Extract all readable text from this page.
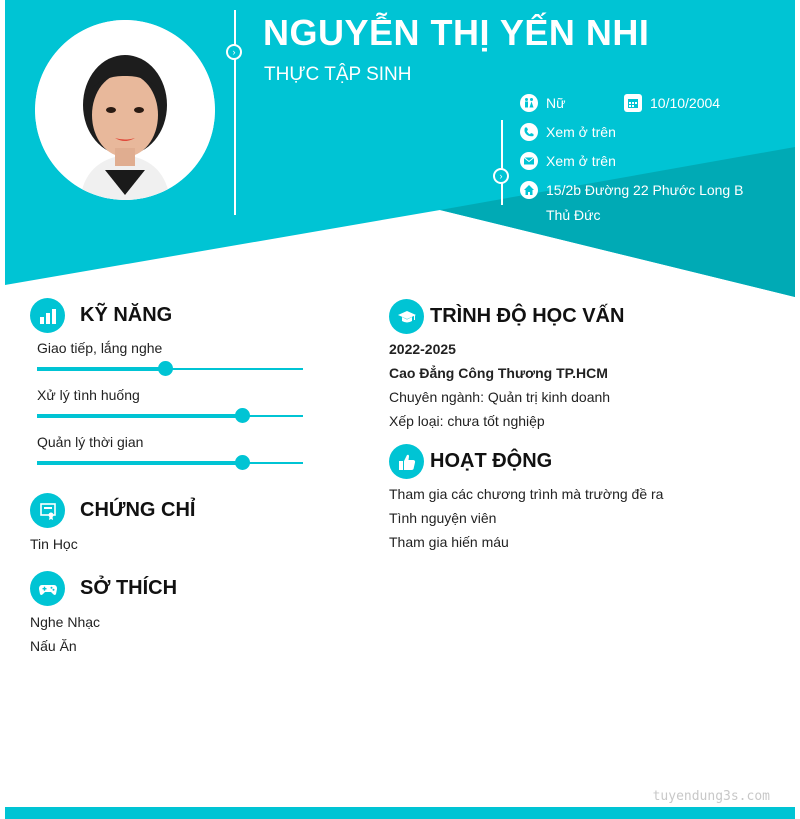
›
›
NGUYỄN THỊ YẾN NHI
THỰC TẬP SINH
Nữ	10/10/2004
Xem ở trên
Xem ở trên
15/2b Đường 22 Phước Long B Thủ Đức
KỸ NĂNG
Giao tiếp, lắng nghe
Xử lý tình huống
Quản lý thời gian
CHỨNG CHỈ
Tin Học
SỞ THÍCH
Nghe Nhạc
Nấu Ăn
TRÌNH ĐỘ HỌC VẤN
2022-2025
Cao Đẳng Công Thương TP.HCM
Chuyên ngành: Quản trị kinh doanh
Xếp loại: chưa tốt nghiệp
HOẠT ĐỘNG
Tham gia các chương trình mà trường đề ra
Tình nguyện viên
Tham gia hiến máu
tuyendung3s.com
